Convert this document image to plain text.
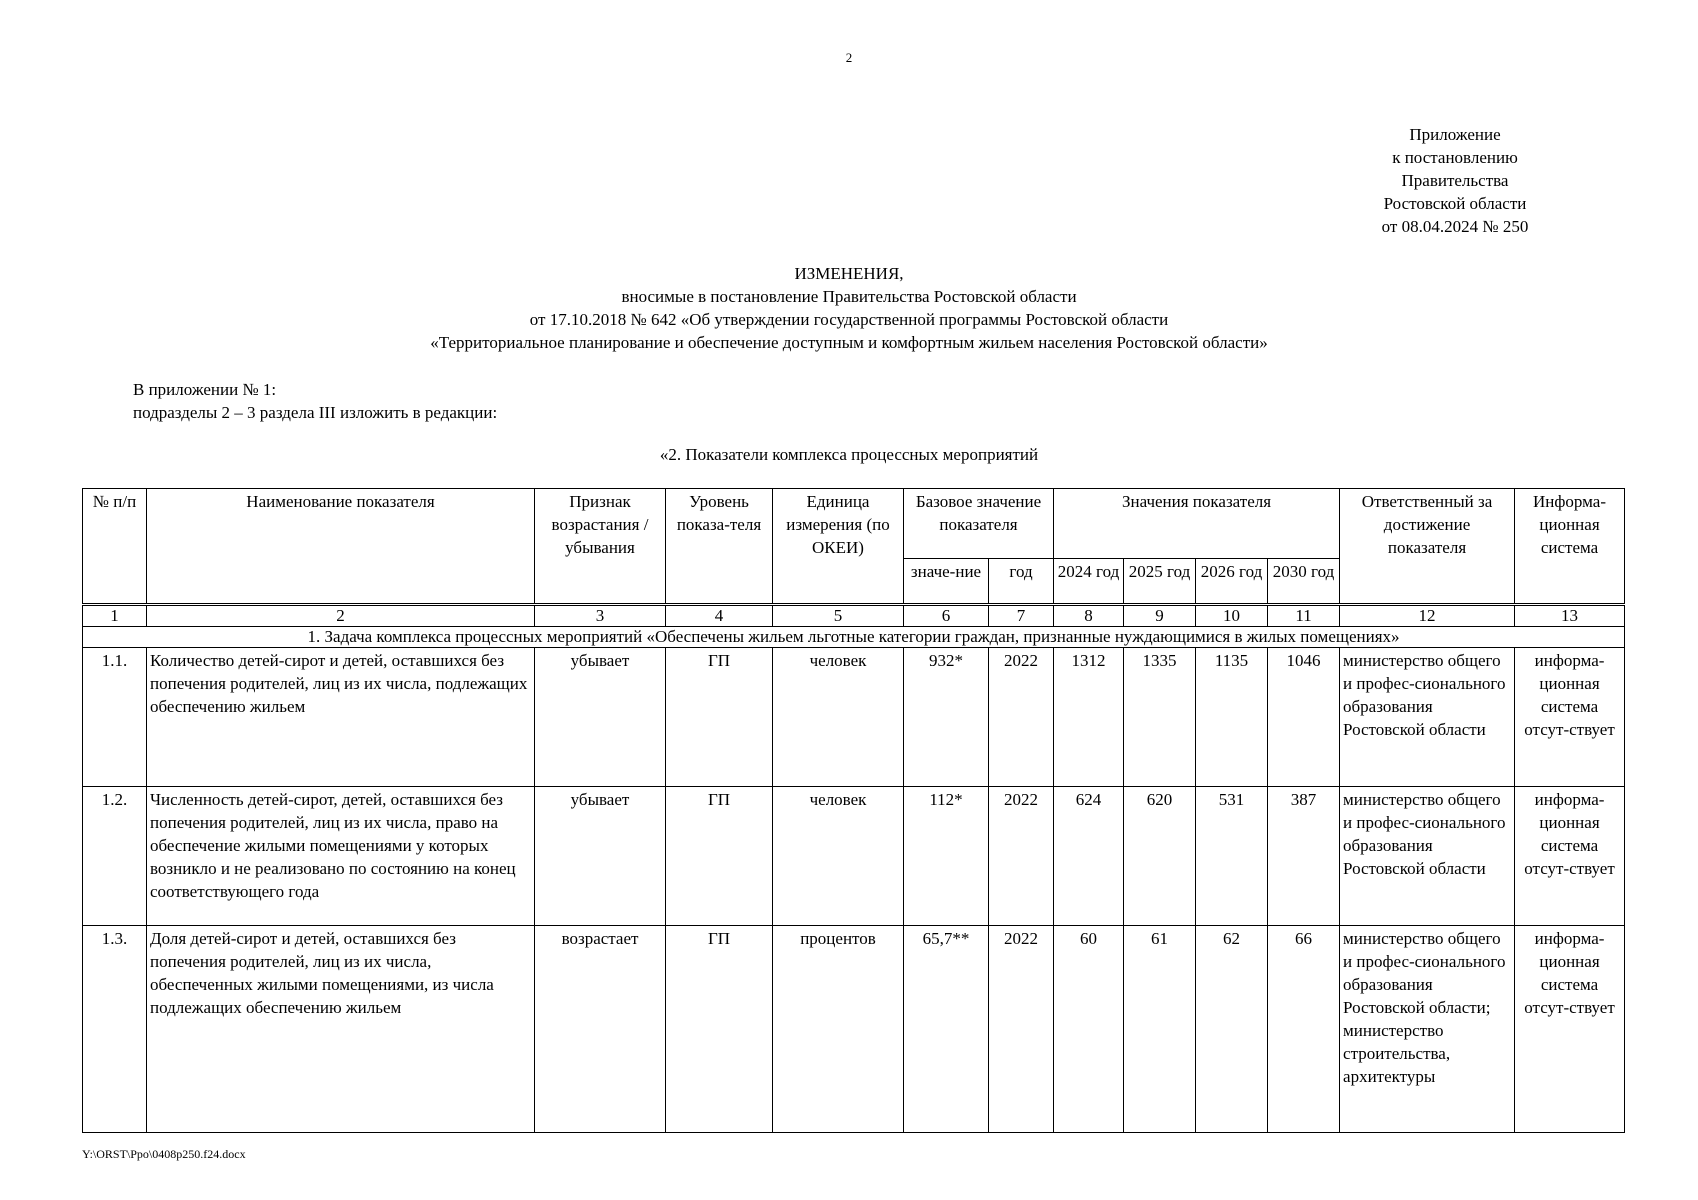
2
Приложение
к постановлению
Правительства
Ростовской области
от 08.04.2024 № 250
ИЗМЕНЕНИЯ,
вносимые в постановление Правительства Ростовской области
от 17.10.2018 № 642 «Об утверждении государственной программы Ростовской области
«Территориальное планирование и обеспечение доступным и комфортным жильем населения Ростовской области»
В приложении № 1:
подразделы 2 – 3 раздела III изложить в редакции:
«2. Показатели комплекса процессных мероприятий
№ п/п	Наименование показателя	Признак возрастания / убывания	Уровень показа-теля	Единица измерения (по ОКЕИ)	Базовое значение показателя		Значения показателя				Ответственный за достижение показателя	Информа-ционная система
					значе-ние	год	2024 год	2025 год	2026 год	2030 год		
1	2	3	4	5	6	7	8	9	10	11	12	13
1. Задача комплекса процессных мероприятий «Обеспечены жильем льготные категории граждан, признанные нуждающимися в жилых помещениях»												
1.1.	Количество детей-сирот и детей, оставшихся без попечения родителей, лиц из их числа, подлежащих обеспечению жильем	убывает	ГП	человек	932*	2022	1312	1335	1135	1046	министерство общего и профес-сионального образования Ростовской области	информа-ционная система отсут-ствует
1.2.	Численность детей-сирот, детей, оставшихся без попечения родителей, лиц из их числа, право на обеспечение жилыми помещениями у которых возникло и не реализовано по состоянию на конец соответствующего года	убывает	ГП	человек	112*	2022	624	620	531	387	министерство общего и профес-сионального образования Ростовской области	информа-ционная система отсут-ствует
1.3.	Доля детей-сирот и детей, оставшихся без попечения родителей, лиц из их числа, обеспеченных жилыми помещениями, из числа подлежащих обеспечению жильем	возрастает	ГП	процентов	65,7**	2022	60	61	62	66	министерство общего и профес-сионального образования Ростовской области; министерство строительства, архитектуры	информа-ционная система отсут-ствует
Y:\ORST\Ppo\0408p250.f24.docx
